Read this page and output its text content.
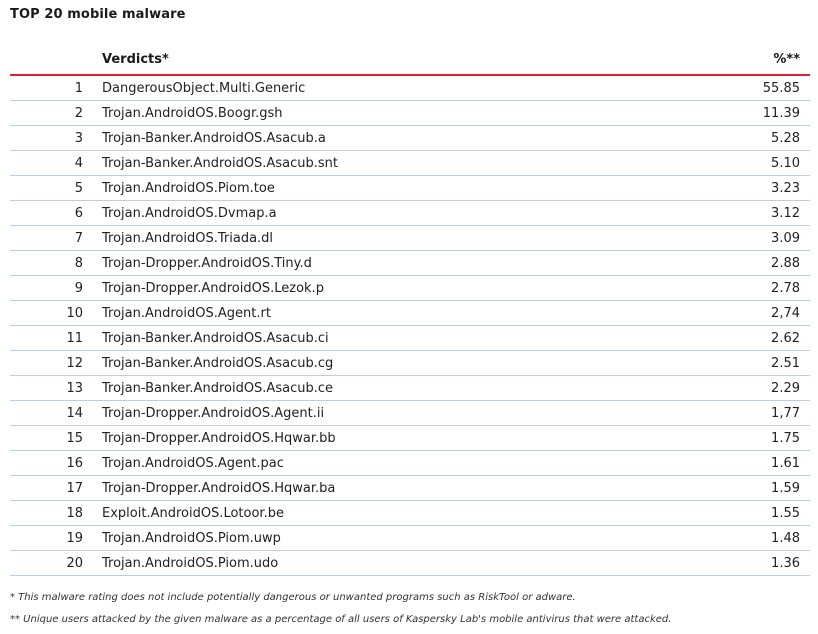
TOP 20 mobile malware
Verdicts*	%**
1 DangerousObject.Multi.Generic	55.85
2 Trojan.AndroidOS.Boogr.gsh	11.39
3 Trojan-Banker.AndroidOS.Asacub.a	5.28
4 Trojan-Banker.AndroidOS.Asacub.snt	5.10
5 Trojan.AndroidOS.Piom.toe	3.23
6 Trojan.AndroidOS.Dvmap.a	3.12
7 Trojan.AndroidOS.Triada.dl	3.09
8 Trojan-Dropper.AndroidOS.Tiny.d	2.88
9 Trojan-Dropper.AndroidOS.Lezok.p	2.78
10 Trojan.AndroidOS.Agent.rt	2,74
11 Trojan-Banker.AndroidOS.Asacub.ci	2.62
12 Trojan-Banker.AndroidOS.Asacub.cg	2.51
13 Trojan-Banker.AndroidOS.Asacub.ce	2.29
14 Trojan-Dropper.AndroidOS.Agent.ii	1,77
15 Trojan-Dropper.AndroidOS.Hqwar.bb	1.75
16 Trojan.AndroidOS.Agent.pac	1.61
17 Trojan-Dropper.AndroidOS.Hqwar.ba	1.59
18 Exploit.AndroidOS.Lotoor.be	1.55
19 Trojan.AndroidOS.Piom.uwp	1.48
20 Trojan.AndroidOS.Piom.udo	1.36
* This malware rating does not include potentially dangerous or unwanted programs such as RiskTool or adware.
** Unique users attacked by the given malware as a percentage of all users of Kaspersky Lab's mobile antivirus that were attacked.
